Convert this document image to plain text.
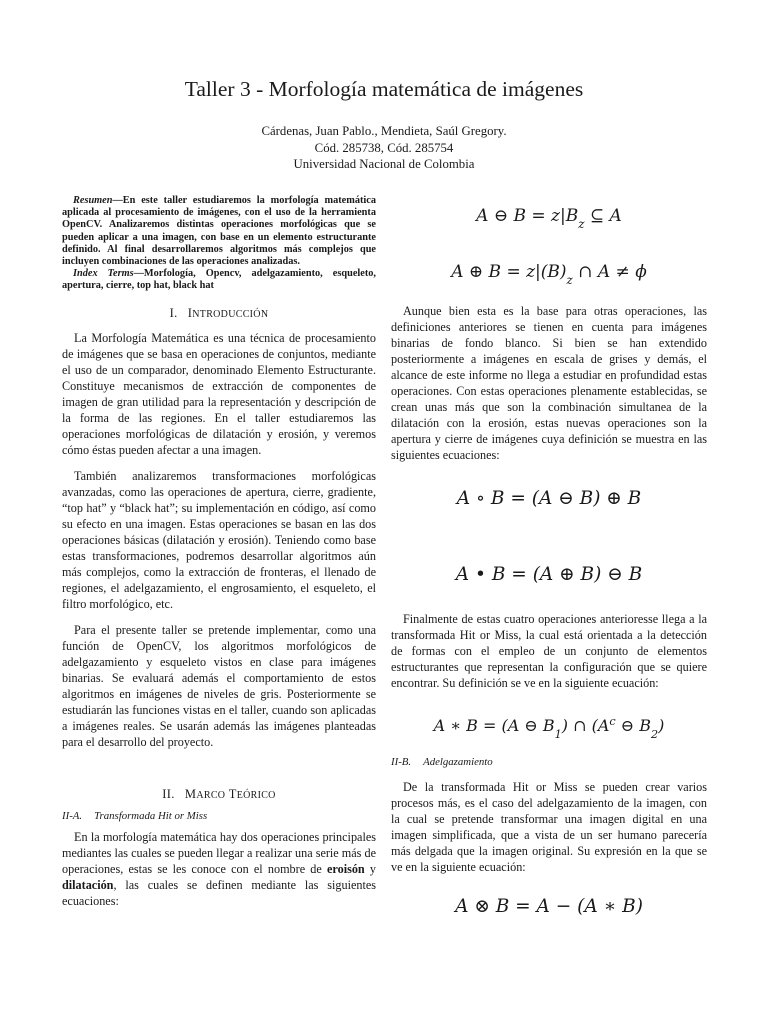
Taller 3 - Morfología matemática de imágenes
Cárdenas, Juan Pablo., Mendieta, Saúl Gregory.
Cód. 285738, Cód. 285754
Universidad Nacional de Colombia

Resumen—En este taller estudiaremos la morfología matemática aplicada al procesamiento de imágenes, con el uso de la herramienta OpenCV. Analizaremos distintas operaciones morfológicas que se pueden aplicar a una imagen, con base en un elemento estructurante definido. Al final desarrollaremos algoritmos más complejos que incluyen combinaciones de las operaciones analizadas.

Index Terms—Morfología, Opencv, adelgazamiento, esqueleto, apertura, cierre, top hat, black hat

I. INTRODUCCIÓN

La Morfología Matemática es una técnica de procesamiento de imágenes que se basa en operaciones de conjuntos, mediante el uso de un comparador, denominado Elemento Estructurante. Constituye mecanismos de extracción de componentes de imagen de gran utilidad para la representación y descripción de la forma de las regiones. En el taller estudiaremos las operaciones morfológicas de dilatación y erosión, y veremos cómo éstas pueden afectar a una imagen.

También analizaremos transformaciones morfológicas avanzadas, como las operaciones de apertura, cierre, gradiente, “top hat” y “black hat”; su implementación en código, así como su efecto en una imagen. Estas operaciones se basan en las dos operaciones básicas (dilatación y erosión). Teniendo como base estas transformaciones, podremos desarrollar algoritmos aún más complejos, como la extracción de fronteras, el llenado de regiones, el adelgazamiento, el engrosamiento, el esqueleto, el filtro morfológico, etc.

Para el presente taller se pretende implementar, como una función de OpenCV, los algoritmos morfológicos de adelgazamiento y esqueleto vistos en clase para imágenes binarias. Se evaluará además el comportamiento de estos algoritmos en imágenes de niveles de gris. Posteriormente se estudiarán las funciones vistas en el taller, cuando son aplicadas a imágenes reales. Se usarán además las imágenes planteadas para el desarrollo del proyecto.

II. MARCO TEÓRICO
II-A. Transformada Hit or Miss

En la morfología matemática hay dos operaciones principales mediantes las cuales se pueden llegar a realizar una serie más de operaciones, estas se les conoce con el nombre de eroisón y dilatación, las cuales se definen mediante las siguientes ecuaciones:

A ⊖ $B = z|B_z$ ⊆ A
A ⊕ $B = z|(B)_z$ ∩ A ≠ ϕ

Aunque bien esta es la base para otras operaciones, las definiciones anteriores se tienen en cuenta para imágenes binarias de fondo blanco. Si bien se han extendido posteriormente a imágenes en escala de grises y demás, el alcance de este informe no llega a estudiar en profundidad estas operaciones. Con estas operaciones plenamente establecidas, se crean unas más que son la combinación simultanea de la dilatación con la erosión, estas nuevas operaciones son la apertura y cierre de imágenes cuya definición se muestra en las siguientes ecuaciones:

A ∘ B = (A ⊖ B) ⊕ B
A • B = (A ⊕ B) ⊖ B

Finalmente de estas cuatro operaciones anterioresse llega a la transformada Hit or Miss, la cual está orientada a la detección de formas con el empleo de un conjunto de elementos estructurantes que representan la configuración que se quiere encontrar. Su definición se ve en la siguiente ecuación:

A ∗ B = (A ⊖ $B_1$) ∩ ($A^c$ ⊖ $B_2$)
II-B. Adelgazamiento

De la transformada Hit or Miss se pueden crear varios procesos más, es el caso del adelgazamiento de la imagen, con la cual se pretende transformar una imagen digital en una imagen simplificada, que a vista de un ser humano parecería más delgada que la imagen original. Su expresión en la que se ve en la siguiente ecuación:

A ⊗ B = A − (A ∗ B)
